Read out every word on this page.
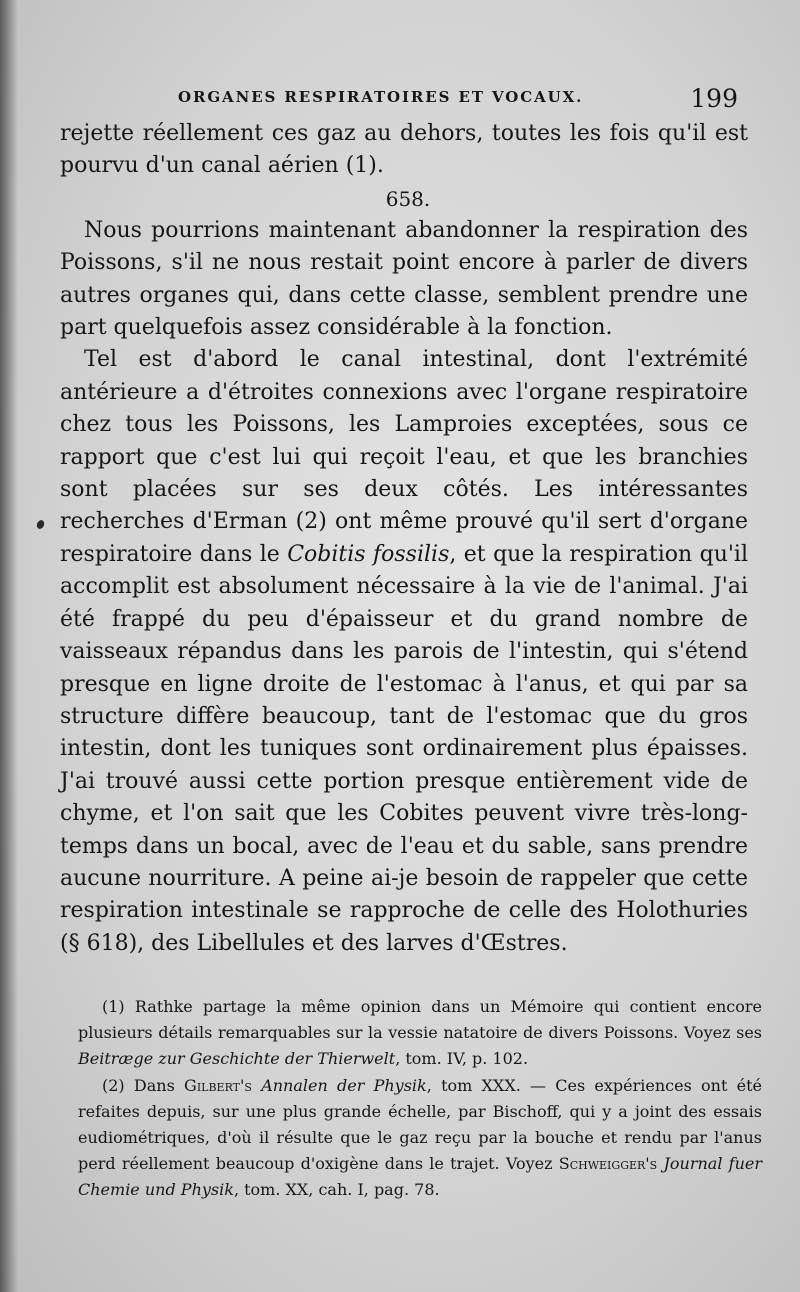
ORGANES RESPIRATOIRES ET VOCAUX.	199

rejette réellement ces gaz au dehors, toutes les fois qu'il est pourvu d'un canal aérien (1).

658.

Nous pourrions maintenant abandonner la respiration des Poissons, s'il ne nous restait point encore à parler de divers autres organes qui, dans cette classe, semblent prendre une part quelquefois assez considérable à la fonction.

Tel est d'abord le canal intestinal, dont l'extrémité antérieure a d'étroites connexions avec l'organe respiratoire chez tous les Poissons, les Lamproies exceptées, sous ce rapport que c'est lui qui reçoit l'eau, et que les branchies sont placées sur ses deux côtés. Les intéressantes recherches d'Erman (2) ont même prouvé qu'il sert d'organe respiratoire dans le Cobitis fossilis, et que la respiration qu'il accomplit est absolument nécessaire à la vie de l'animal. J'ai été frappé du peu d'épaisseur et du grand nombre de vaisseaux répandus dans les parois de l'intestin, qui s'étend presque en ligne droite de l'estomac à l'anus, et qui par sa structure diffère beaucoup, tant de l'estomac que du gros intestin, dont les tuniques sont ordinairement plus épaisses. J'ai trouvé aussi cette portion presque entièrement vide de chyme, et l'on sait que les Cobites peuvent vivre très-long-temps dans un bocal, avec de l'eau et du sable, sans prendre aucune nourriture. A peine ai-je besoin de rappeler que cette respiration intestinale se rapproche de celle des Holothuries (§ 618), des Libellules et des larves d'Œstres.

(1) Rathke partage la même opinion dans un Mémoire qui contient encore plusieurs détails remarquables sur la vessie natatoire de divers Poissons. Voyez ses Beitræge zur Geschichte der Thierwelt, tom. IV, p. 102.

(2) Dans Gilbert's Annalen der Physik, tom XXX. — Ces expériences ont été refaites depuis, sur une plus grande échelle, par Bischoff, qui y a joint des essais eudiométriques, d'où il résulte que le gaz reçu par la bouche et rendu par l'anus perd réellement beaucoup d'oxigène dans le trajet. Voyez Schweigger's Journal fuer Chemie und Physik, tom. XX, cah. I, pag. 78.
